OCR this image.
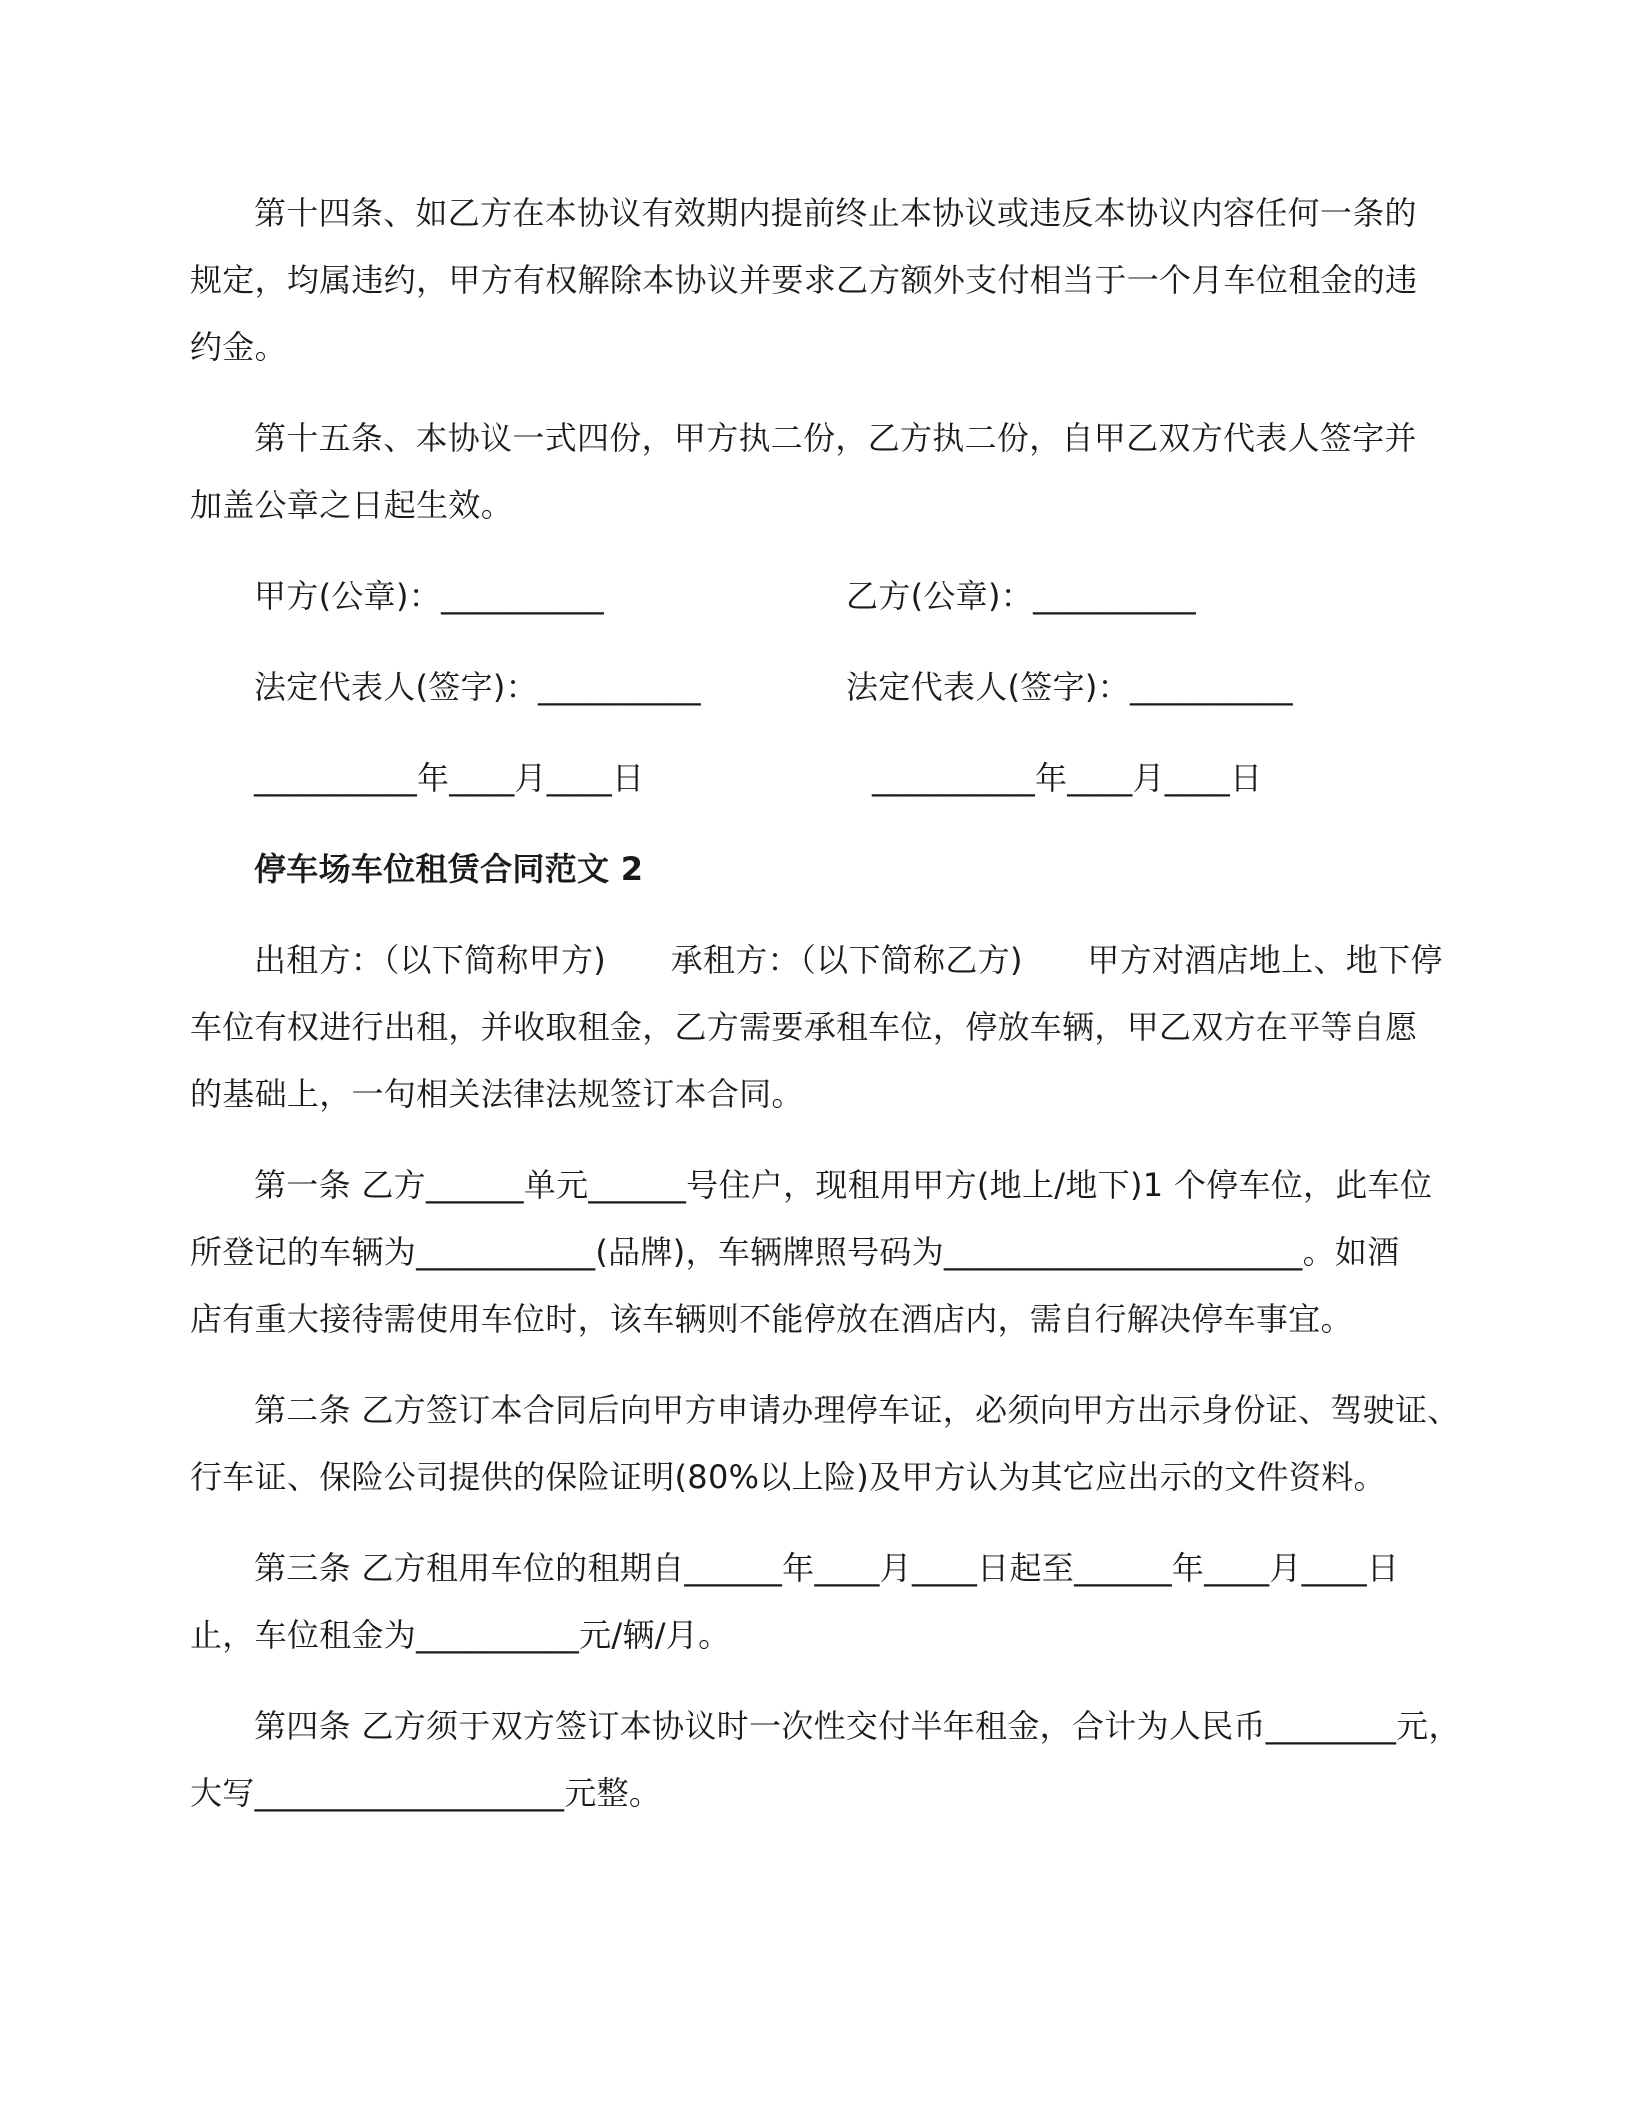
第十四条、如乙方在本协议有效期内提前终止本协议或违反本协议内容任何一条的
规定，均属违约，甲方有权解除本协议并要求乙方额外支付相当于一个月车位租金的违
约金。
第十五条、本协议一式四份，甲方执二份，乙方执二份，自甲乙双方代表人签字并
加盖公章之日起生效。
甲方(公章)：__________	乙方(公章)：__________
法定代表人(签字)：__________	法定代表人(签字)：__________
__________年____月____日	__________年____月____日
停车场车位租赁合同范文 2
出租方：（以下简称甲方)　　承租方：（以下简称乙方)　　甲方对酒店地上、地下停
车位有权进行出租，并收取租金，乙方需要承租车位，停放车辆，甲乙双方在平等自愿
的基础上，一句相关法律法规签订本合同。
第一条 乙方______单元______号住户，现租用甲方(地上/地下)1 个停车位，此车位
所登记的车辆为___________(品牌)，车辆牌照号码为______________________。如酒
店有重大接待需使用车位时，该车辆则不能停放在酒店内，需自行解决停车事宜。
第二条 乙方签订本合同后向甲方申请办理停车证，必须向甲方出示身份证、驾驶证、
行车证、保险公司提供的保险证明(80%以上险)及甲方认为其它应出示的文件资料。
第三条 乙方租用车位的租期自______年____月____日起至______年____月____日
止，车位租金为__________元/辆/月。
第四条 乙方须于双方签订本协议时一次性交付半年租金，合计为人民币________元，
大写___________________元整。
